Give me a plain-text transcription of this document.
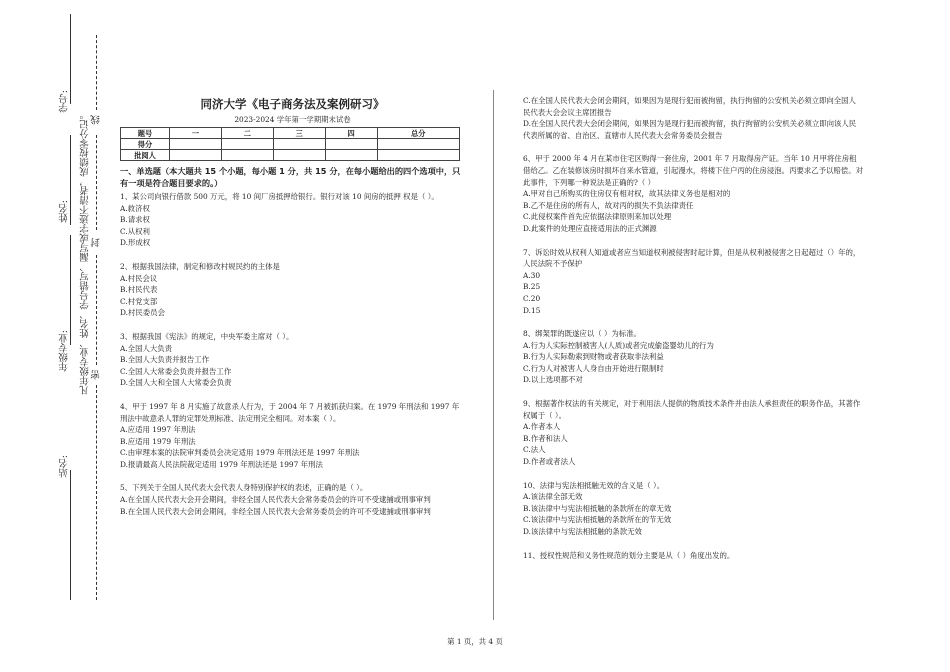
学号:
姓名:
年级专业:
站名:
凡年级专业、姓名、学号错写、漏写或字迹不清者，成绩按零分记。 线
封
密

同济大学《电子商务法及案例研习》

2023-2024 学年第一学期期末试卷

题号	一	二	三	四	总分
得分					
批阅人					

一、单选题（本大题共 15 个小题，每小题 1 分，共 15 分，在每小题给出的四个选项中，只有一项是符合题目要求的。）

1、某公司向银行借款 500 万元，将 10 间厂房抵押给银行。银行对该 10 间房的抵押 权是（ ）。

A.救济权

B.请求权

C.从权利

D.形成权

2、根据我国法律，制定和修改村规民约的主体是

A.村民会议

B.村民代表

C.村党支部

D.村民委员会

3、根据我国《宪法》的规定，中央军委主席对（ ）。

A.全国人大负责

B.全国人大负责并报告工作

C.全国人大常委会负责并报告工作

D.全国人大和全国人大常委会负责

4、甲于 1997 年 8 月实施了故意杀人行为，于 2004 年 7 月被抓获归案。在 1979 年刑法和 1997 年刑法中故意杀人罪的定罪处刑标准、法定刑完全相同。对本案（ ）。

A.应适用 1997 年刑法

B.应适用 1979 年刑法

C.由审理本案的法院审判委员会决定适用 1979 年刑法还是 1997 年刑法

D.报请最高人民法院裁定适用 1979 年刑法还是 1997 年刑法

5、下列关于全国人民代表大会代表人身特别保护权的表述，正确的是（ ）。

A.在全国人民代表大会开会期间，非经全国人民代表大会常务委员会的许可不受逮捕或刑事审判

B.在全国人民代表大会闭会期间，非经全国人民代表大会常务委员会的许可不受逮捕或刑事审判

C.在全国人民代表大会闭会期间，如果因为是现行犯而被拘留，执行拘留的公安机关必须立即向全国人民代表大会会议主席团报告

D.在全国人民代表大会闭会期间，如果因为是现行犯而被拘留，执行拘留的公安机关必须立即向该人民代表所属的省、自治区、直辖市人民代表大会常务委员会报告

6、甲于 2000 年 4 月在某市住宅区购得一套住房，2001 年 7 月取得房产证。当年 10 月甲将住房租借给乙。乙在装修该房时损坏自来水管道，引起漫水，将楼下住户丙的住房浸泡。丙要求乙予以赔偿。对此事件，下列哪一种说法是正确的?（ ）

A.甲对自己所购买的住房仅有相对权，故其法律义务也是相对的

B.乙不是住房的所有人，故对丙的损失不负法律责任

C.此侵权案件首先应依据法律原则来加以处理

D.此案件的处理应直接适用法的正式渊源

7、诉讼时效从权利人知道或者应当知道权利被侵害时起计算，但是从权利被侵害之日起超过（）年的，人民法院不予保护

A.30

B.25

C.20

D.15

8、绑架罪的既遂应以（ ）为标准。

A.行为人实际控制被害人(人质)或者完成偷盗婴幼儿的行为

B.行为人实际勒索到财物或者获取非法利益

C.行为人对被害人人身自由开始进行限制时

D.以上选项都不对

9、根据著作权法的有关规定，对于利用法人提供的物质技术条件并由法人承担责任的职务作品，其著作权属于（ ）。

A.作者本人

B.作者和法人

C.法人

D.作者或者法人

10、法律与宪法相抵触无效的含义是（ ）。

A.该法律全部无效

B.该法律中与宪法相抵触的条款所在的章无效

C.该法律中与宪法相抵触的条款所在的节无效

D.该法律中与宪法相抵触的条款无效

11、授权性规范和义务性规范的划分主要是从（ ）角度出发的。

第 1 页，共 4 页
